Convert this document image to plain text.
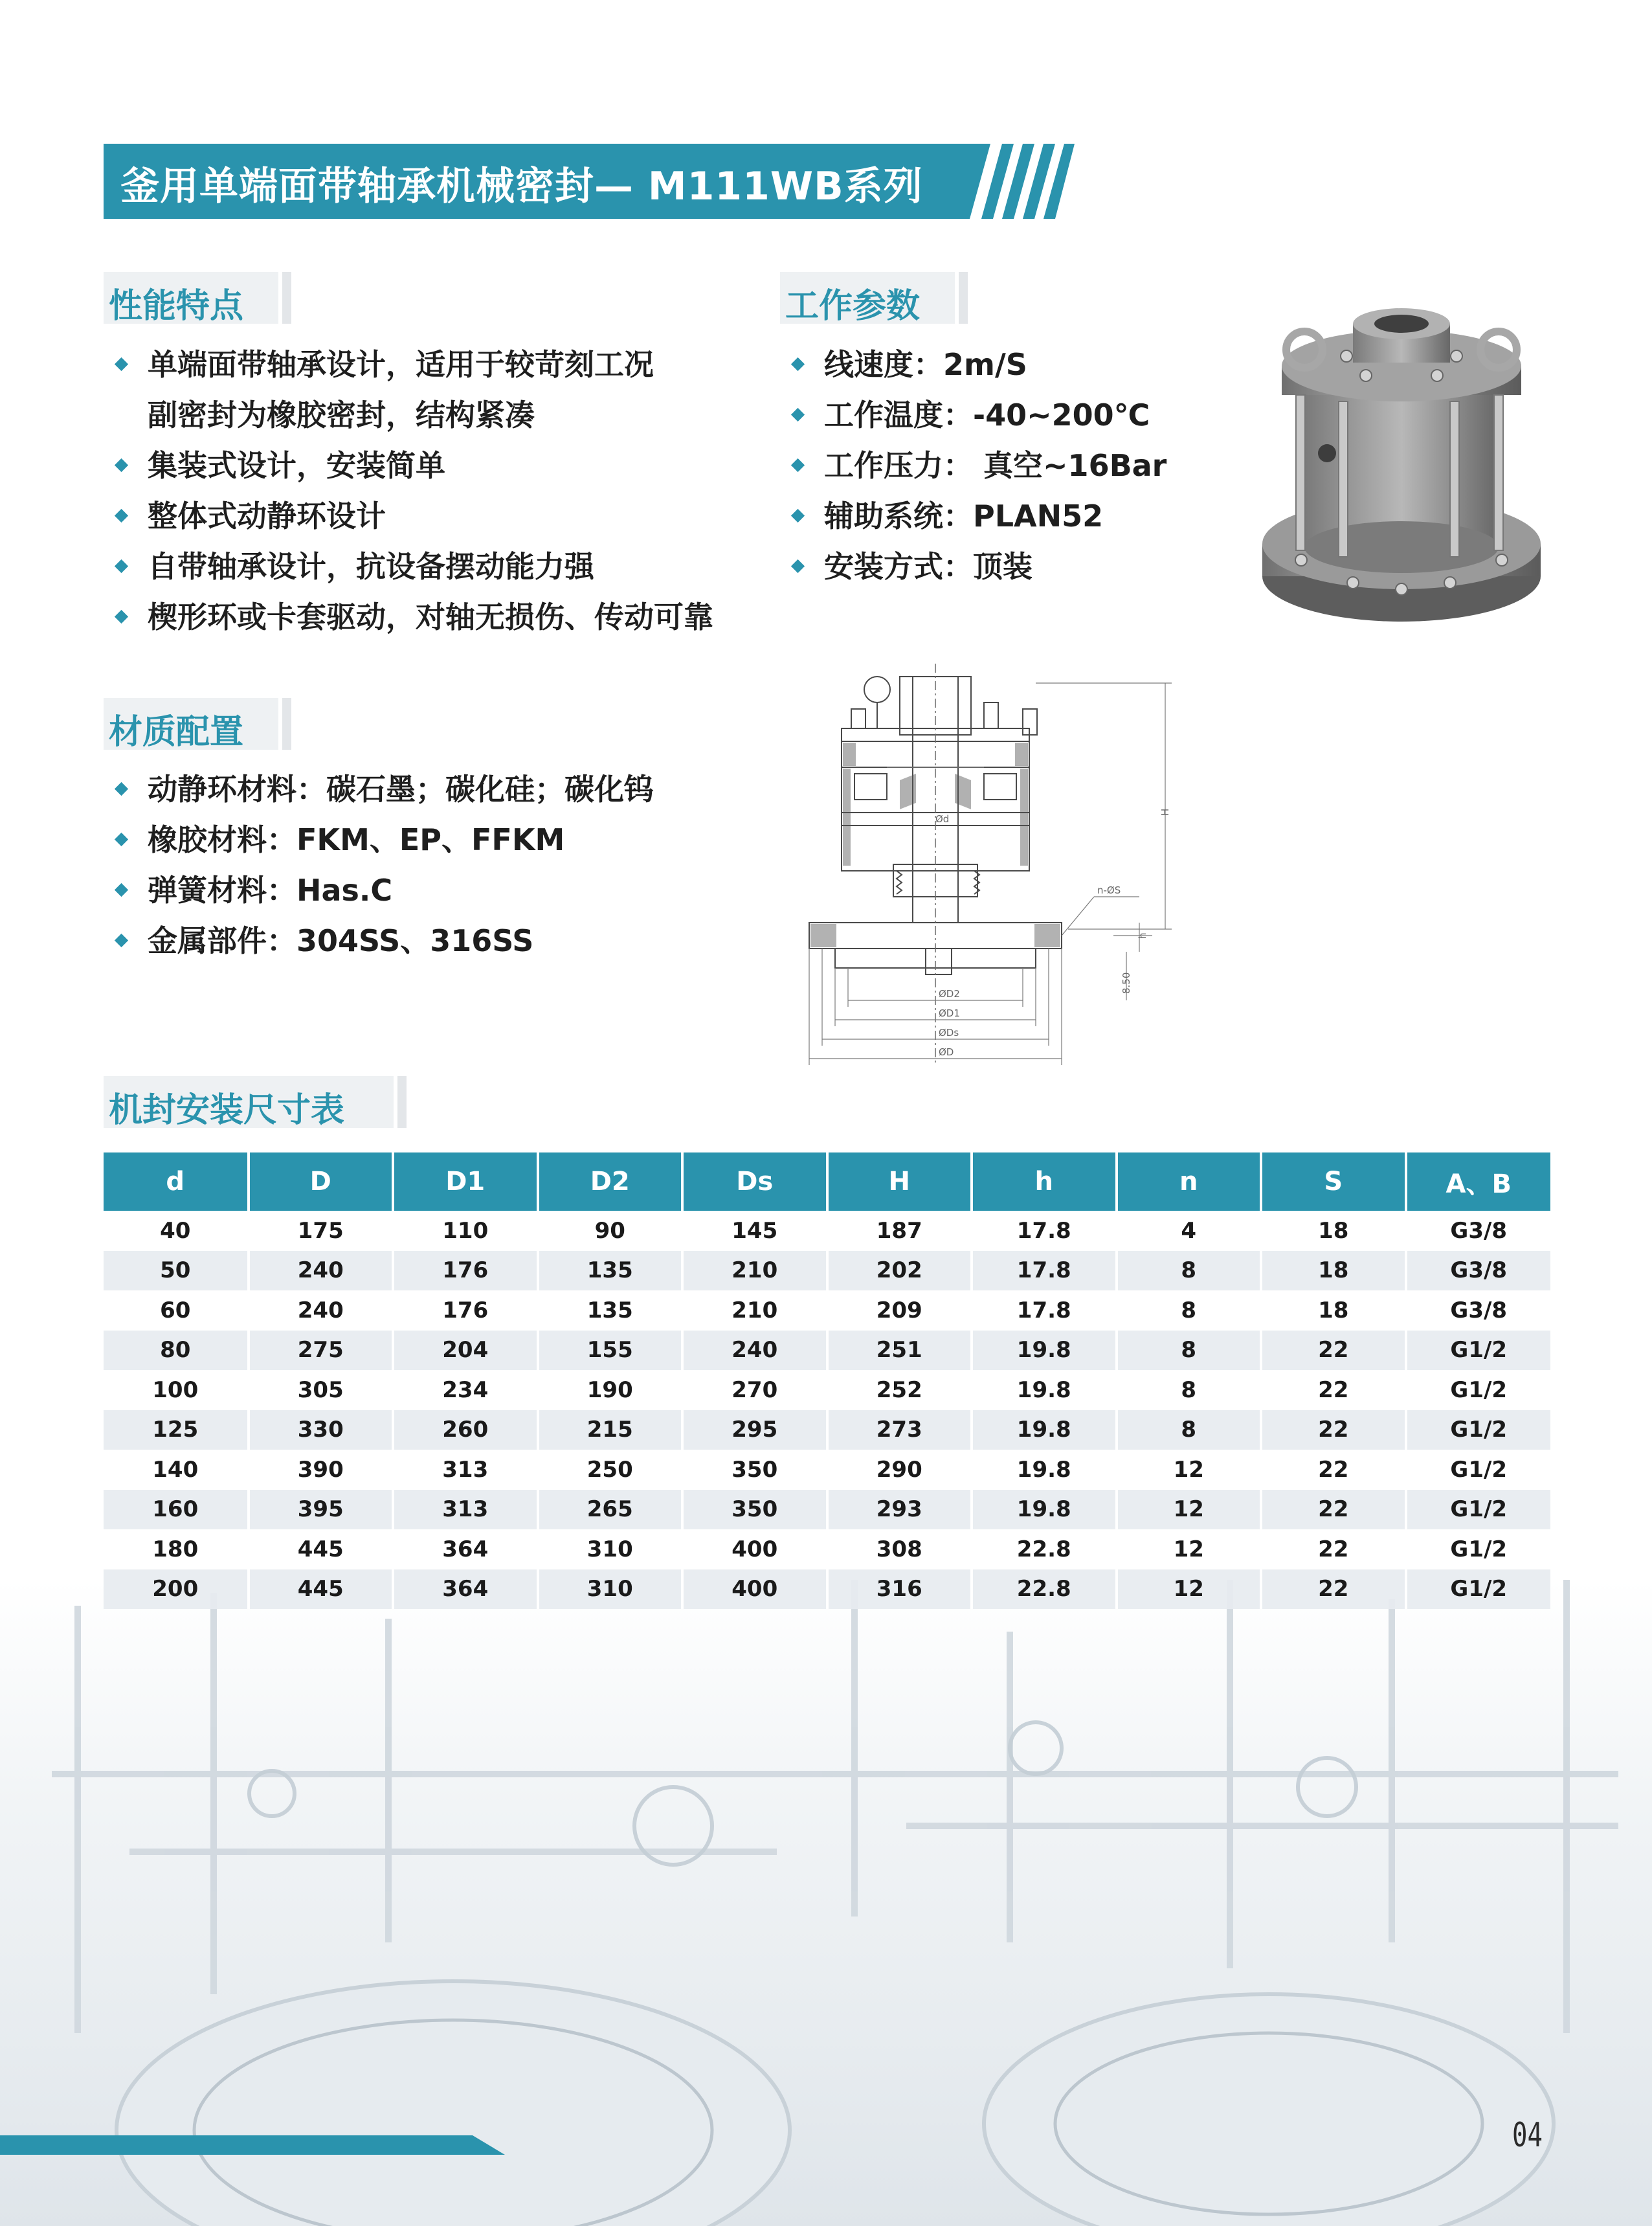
釜用单端面带轴承机械密封— M111WB系列
性能特点
单端面带轴承设计，适用于较苛刻工况
副密封为橡胶密封，结构紧凑
集装式设计，安装简单
整体式动静环设计
自带轴承设计，抗设备摆动能力强
楔形环或卡套驱动，对轴无损伤、传动可靠
工作参数
线速度：2m/S
工作温度：-40~200℃
工作压力： 真空~16Bar
辅助系统：PLAN52
安装方式：顶装
Ød
ØD2
ØD1
ØDs
ØD
H
h
n-ØS
8.50
材质配置
动静环材料：碳石墨；碳化硅；碳化钨
橡胶材料：FKM、EP、FFKM
弹簧材料：Has.C
金属部件：304SS、316SS
机封安装尺寸表
d	D	D1	D2	Ds	H	h	n	S	A、B
40	175	110	90	145	187	17.8	4	18	G3/8
50	240	176	135	210	202	17.8	8	18	G3/8
60	240	176	135	210	209	17.8	8	18	G3/8
80	275	204	155	240	251	19.8	8	22	G1/2
100	305	234	190	270	252	19.8	8	22	G1/2
125	330	260	215	295	273	19.8	8	22	G1/2
140	390	313	250	350	290	19.8	12	22	G1/2
160	395	313	265	350	293	19.8	12	22	G1/2
180	445	364	310	400	308	22.8	12	22	G1/2
200	445	364	310	400	316	22.8	12	22	G1/2
04
